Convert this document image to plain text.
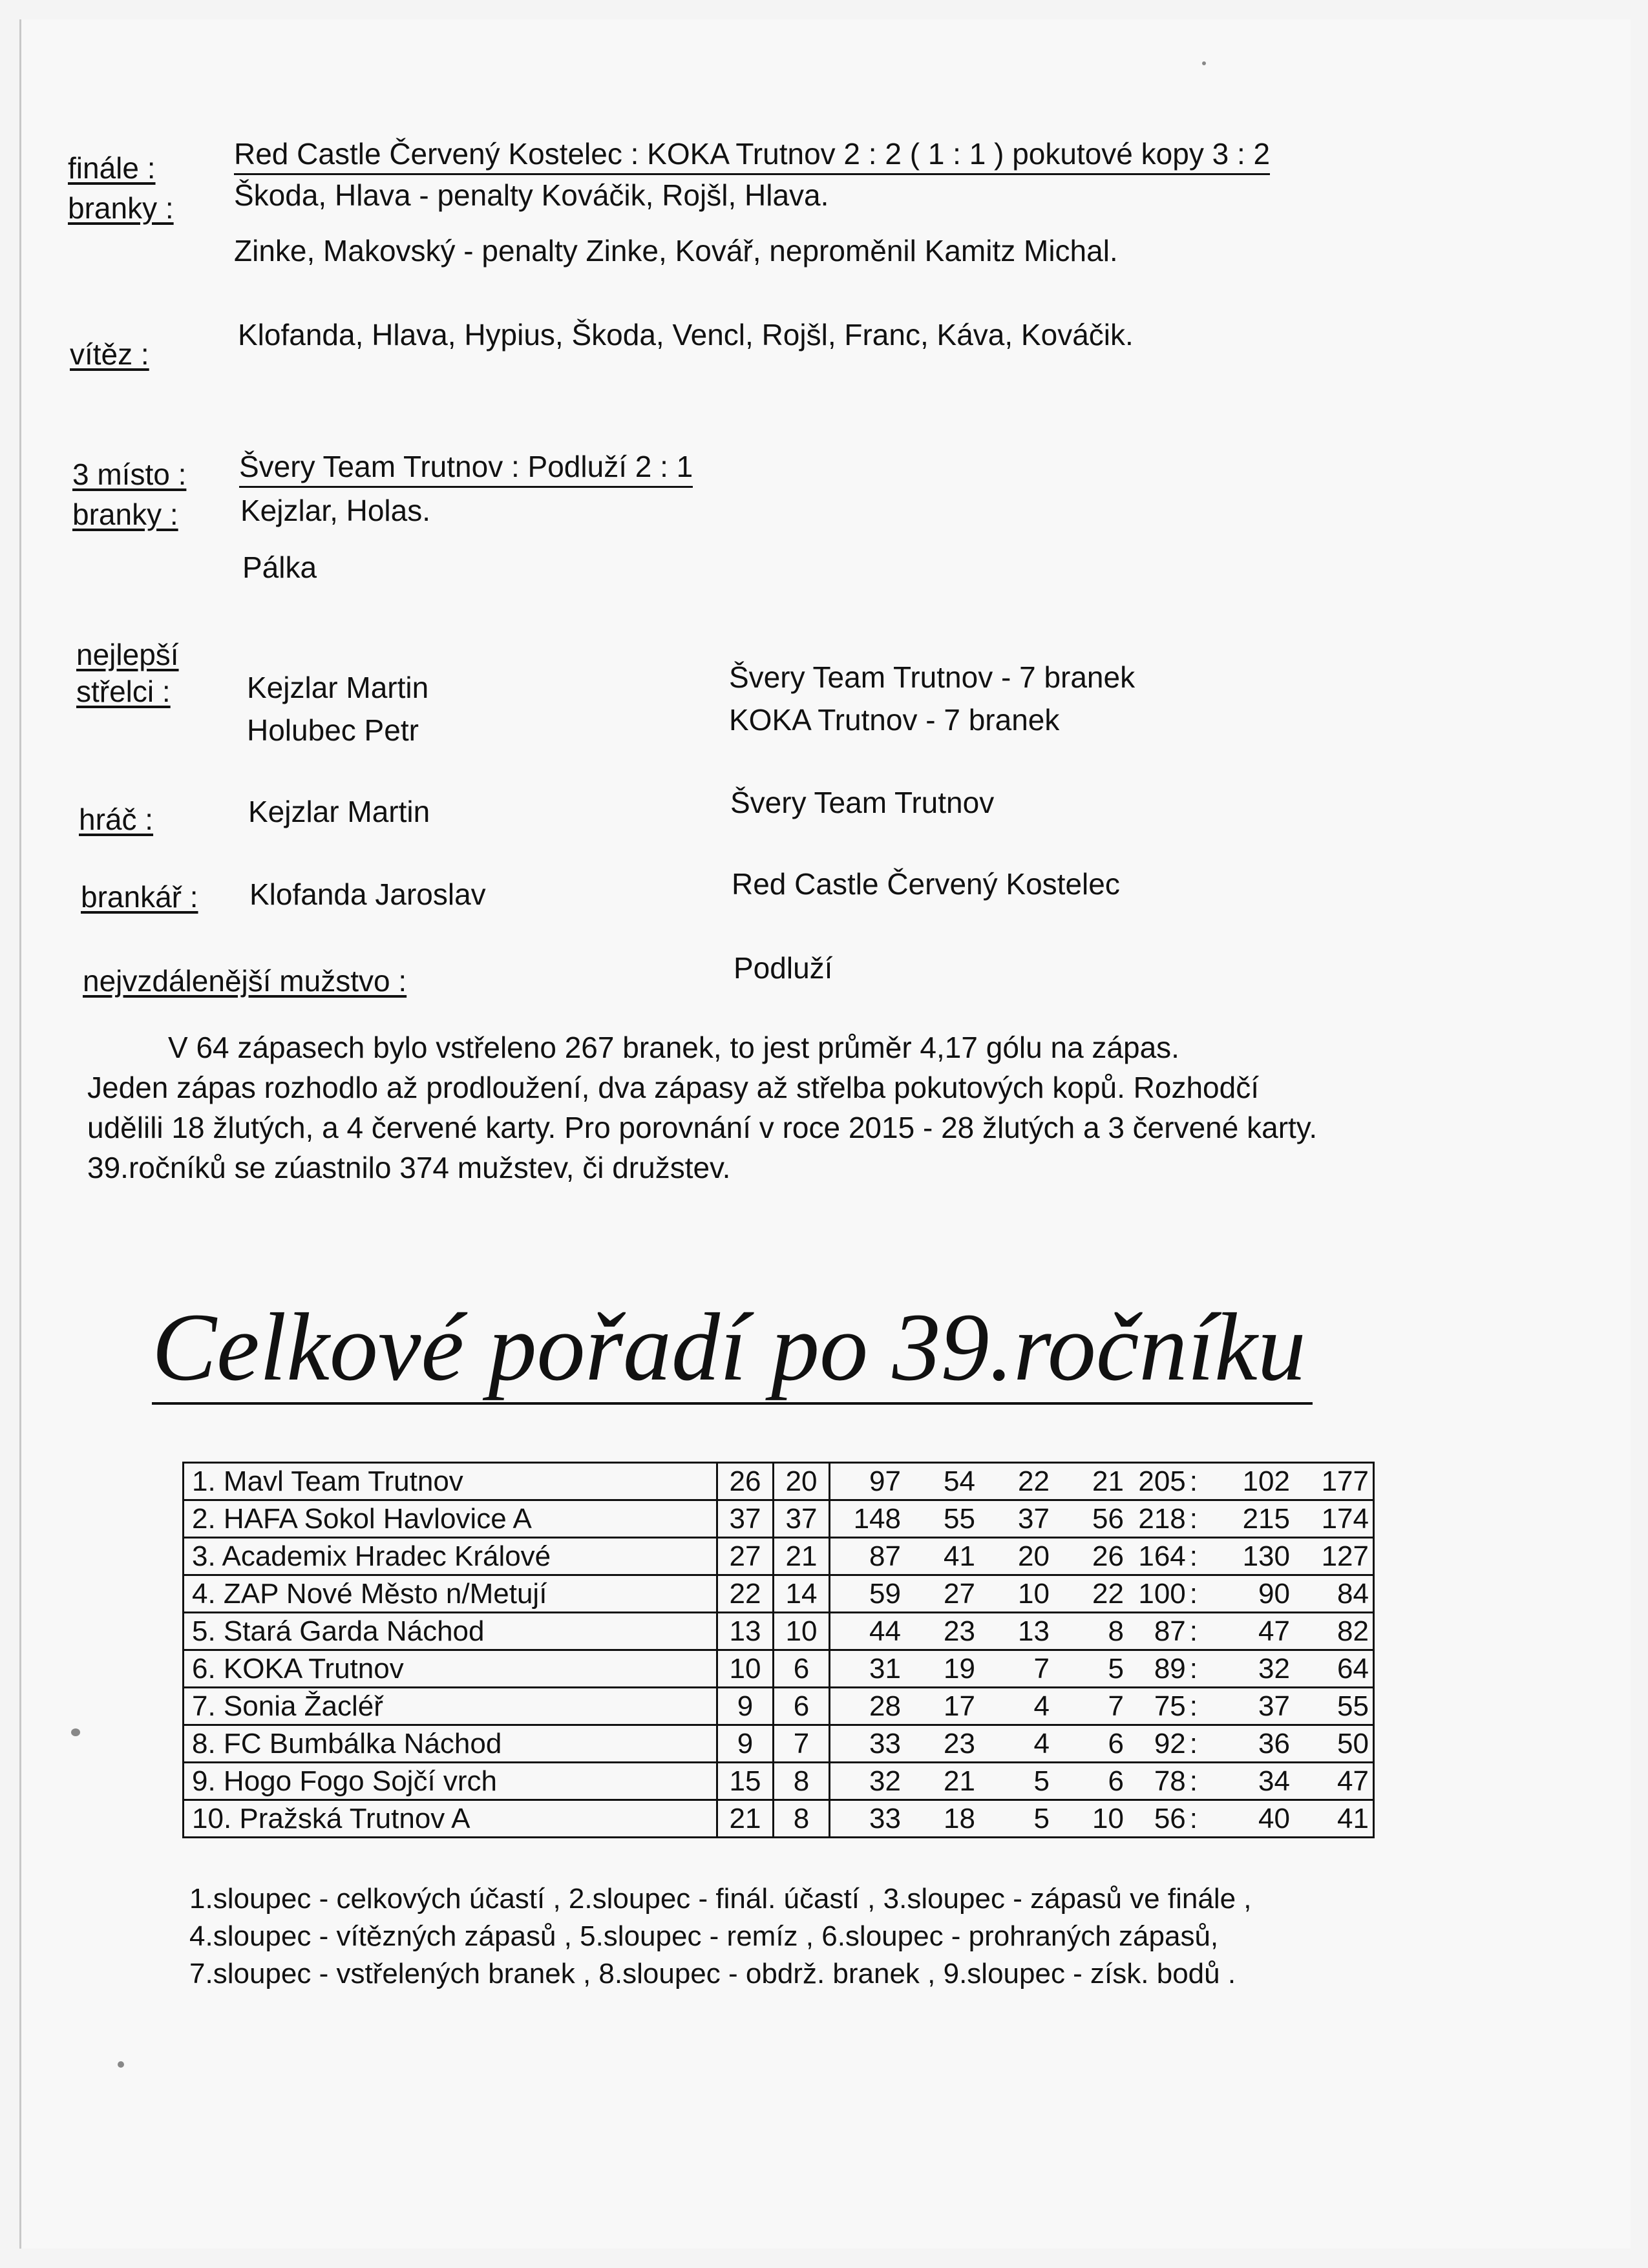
finále :	Red Castle Červený Kostelec : KOKA Trutnov 2 : 2 ( 1 : 1 ) pokutové kopy 3 : 2
branky : Škoda, Hlava - penalty Kováčik, Rojšl, Hlava.
Zinke, Makovský - penalty Zinke, Kovář, neproměnil Kamitz Michal.
vítěz :
Klofanda, Hlava, Hypius, Škoda, Vencl, Rojšl, Franc, Káva, Kováčik.
3 místo : Švery Team Trutnov : Podluží 2 : 1
branky : Kejzlar, Holas.
Pálka
nejlepší
střelci :	Kejzlar Martin	Švery Team Trutnov - 7 branek
Holubec Petr	KOKA Trutnov - 7 branek
hráč :	Kejzlar Martin	Švery Team Trutnov
brankář : Klofanda Jaroslav	Red Castle Červený Kostelec
nejvzdálenější mužstvo :	Podluží

V 64 zápasech bylo vstřeleno 267 branek, to jest průměr 4,17 gólu na zápas.

Jeden zápas rozhodlo až prodloužení, dva zápasy až střelba pokutových kopů. Rozhodčí

udělili 18 žlutých, a 4 červené karty. Pro porovnání v roce 2015 - 28 žlutých a 3 červené karty.

39.ročníků se zúastnilo 374 mužstev, či družstev.

Celkové pořadí po 39.ročníku
1. Mavl Team Trutnov	26	20	97	54	22	21	205 :	102	177
2. HAFA Sokol Havlovice A	37	37	148	55	37	56	218 :	215	174
3. Academix Hradec Králové	27	21	87	41	20	26	164 :	130	127
4. ZAP Nové Město n/Metují	22	14	59	27	10	22	100 :	90	84
5. Stará Garda Náchod	13	10	44	23	13	8	87 :	47	82
6. KOKA Trutnov	10	6	31	19	7	5	89 :	32	64
7. Sonia Žacléř	9	6	28	17	4	7	75 :	37	55
8. FC Bumbálka Náchod	9	7	33	23	4	6	92 :	36	50
9. Hogo Fogo Sojčí vrch	15	8	32	21	5	6	78 :	34	47
10. Pražská Trutnov A	21	8	33	18	5	10	56 :	40	41

1.sloupec - celkových účastí , 2.sloupec - finál. účastí , 3.sloupec - zápasů ve finále ,

4.sloupec - vítězných zápasů , 5.sloupec - remíz , 6.sloupec - prohraných zápasů,

7.sloupec - vstřelených branek , 8.sloupec - obdrž. branek , 9.sloupec - získ. bodů .
